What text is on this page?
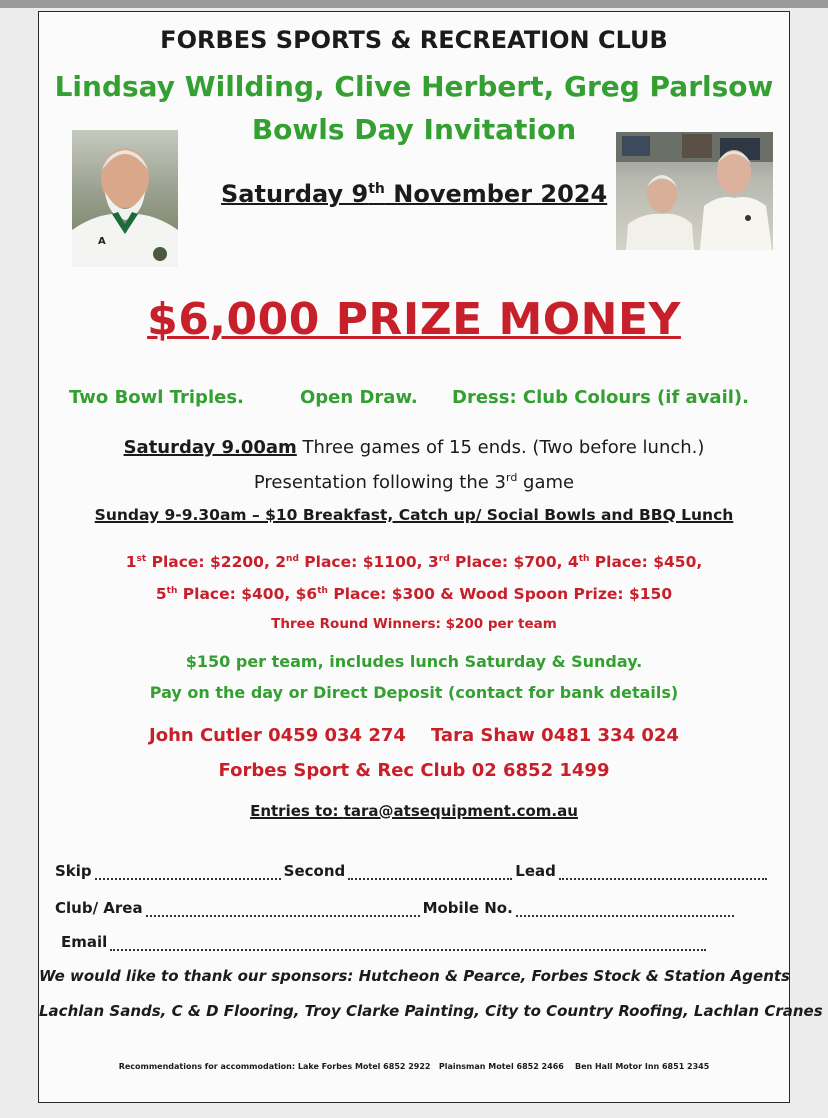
FORBES SPORTS & RECREATION CLUB
Lindsay Willding, Clive Herbert, Greg Parlsow
Bowls Day Invitation
Saturday 9th November 2024
A
$6,000 PRIZE MONEY
Two Bowl Triples.	Open Draw. Dress: Club Colours (if avail).
Saturday 9.00am Three games of 15 ends. (Two before lunch.)
Presentation following the 3rd game
Sunday 9-9.30am – $10 Breakfast, Catch up/ Social Bowls and BBQ Lunch
1st Place: $2200, 2nd Place: $1100, 3rd Place: $700, 4th Place: $450,
5th Place: $400, $6th Place: $300 & Wood Spoon Prize: $150
Three Round Winners: $200 per team
$150 per team, includes lunch Saturday & Sunday.
Pay on the day or Direct Deposit (contact for bank details)
John Cutler 0459 034 274    Tara Shaw 0481 334 024
Forbes Sport & Rec Club 02 6852 1499
Entries to: tara@atsequipment.com.au
Skip	Second	Lead
Club/ Area	Mobile No.
Email
We would like to thank our sponsors: Hutcheon & Pearce, Forbes Stock & Station Agents
Lachlan Sands, C & D Flooring, Troy Clarke Painting, City to Country Roofing, Lachlan Cranes
Recommendations for accommodation: Lake Forbes Motel 6852 2922   Plainsman Motel 6852 2466    Ben Hall Motor Inn 6851 2345
